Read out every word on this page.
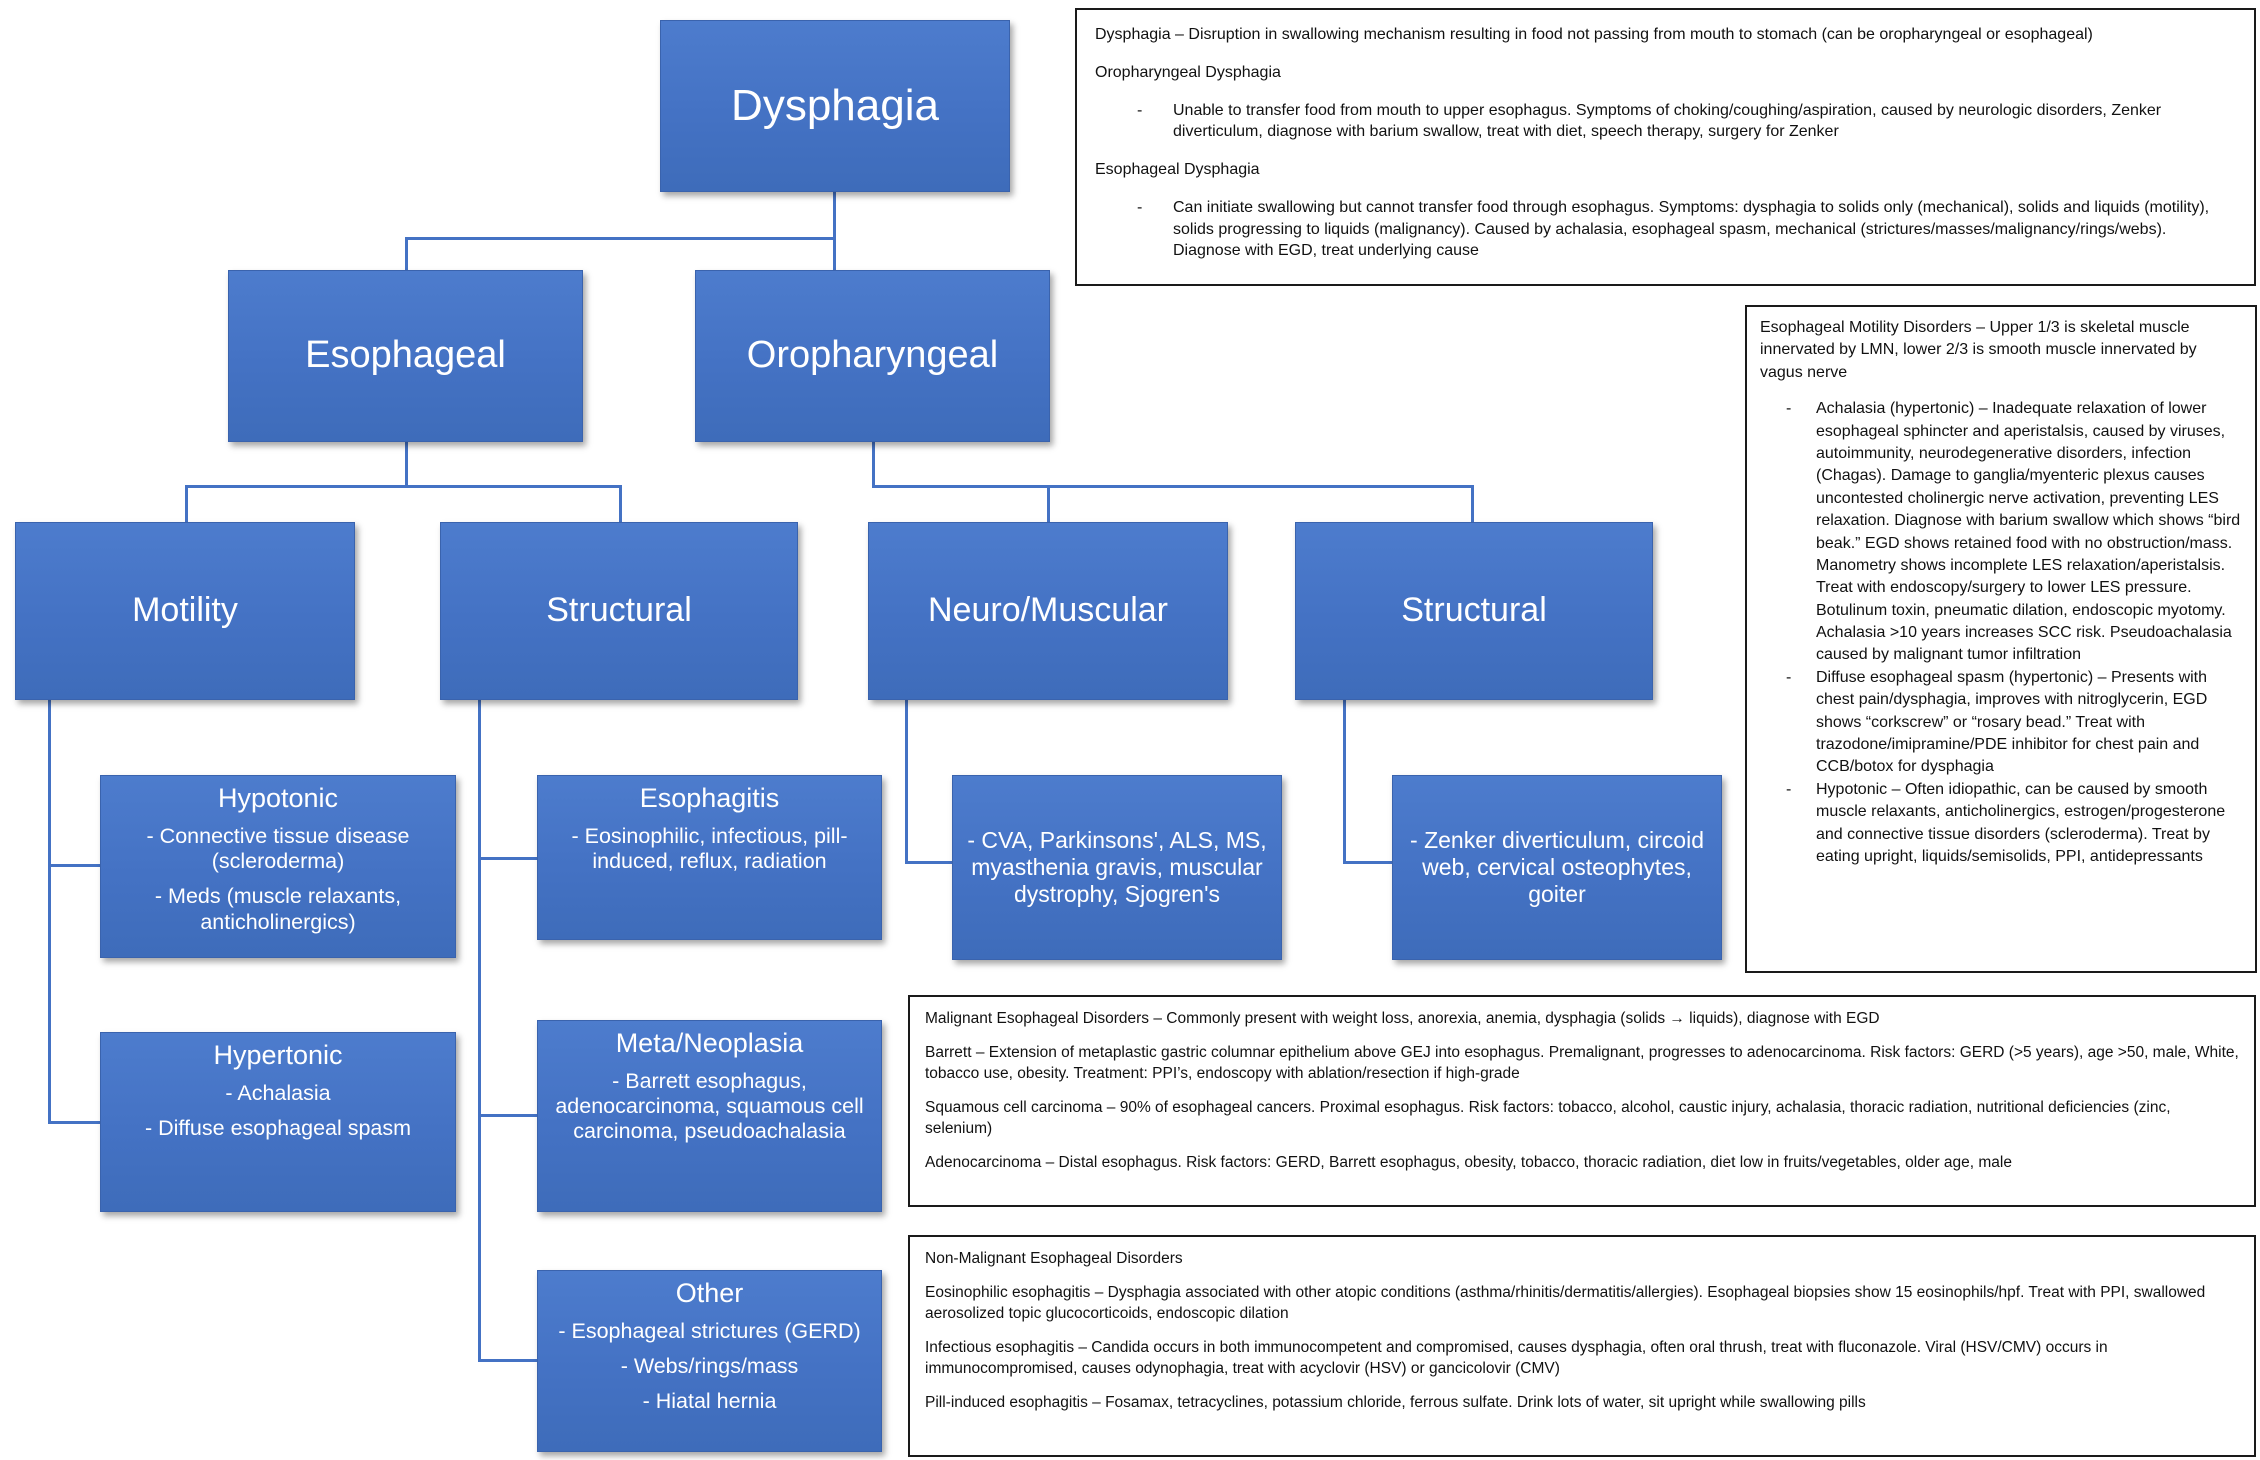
Dysphagia
Esophageal	Oropharyngeal
Motility	Structural	Neuro/Muscular	Structural
Hypotonic
- Connective tissue disease (scleroderma)
- Meds (muscle relaxants, anticholinergics)
Hypertonic
- Achalasia
- Diffuse esophageal spasm
Esophagitis
- Eosinophilic, infectious, pill-induced, reflux, radiation
Meta/Neoplasia
- Barrett esophagus, adenocarcinoma, squamous cell carcinoma, pseudoachalasia
Other
- Esophageal strictures (GERD)
- Webs/rings/mass
- Hiatal hernia
- CVA, Parkinsons', ALS, MS, myasthenia gravis, muscular dystrophy, Sjogren's
- Zenker diverticulum, circoid web, cervical osteophytes, goiter
Dysphagia – Disruption in swallowing mechanism resulting in food not passing from mouth to stomach (can be oropharyngeal or esophageal)
Oropharyngeal Dysphagia
- Unable to transfer food from mouth to upper esophagus. Symptoms of choking/coughing/aspiration, caused by neurologic disorders, Zenker diverticulum, diagnose with barium swallow, treat with diet, speech therapy, surgery for Zenker
Esophageal Dysphagia
- Can initiate swallowing but cannot transfer food through esophagus. Symptoms: dysphagia to solids only (mechanical), solids and liquids (motility), solids progressing to liquids (malignancy). Caused by achalasia, esophageal spasm, mechanical (strictures/masses/malignancy/rings/webs). Diagnose with EGD, treat underlying cause
Esophageal Motility Disorders – Upper 1/3 is skeletal muscle innervated by LMN, lower 2/3 is smooth muscle innervated by vagus nerve
- Achalasia (hypertonic) – Inadequate relaxation of lower esophageal sphincter and aperistalsis, caused by viruses, autoimmunity, neurodegenerative disorders, infection (Chagas). Damage to ganglia/myenteric plexus causes uncontested cholinergic nerve activation, preventing LES relaxation. Diagnose with barium swallow which shows “bird beak.” EGD shows retained food with no obstruction/mass. Manometry shows incomplete LES relaxation/aperistalsis. Treat with endoscopy/surgery to lower LES pressure. Botulinum toxin, pneumatic dilation, endoscopic myotomy. Achalasia >10 years increases SCC risk. Pseudoachalasia caused by malignant tumor infiltration
- Diffuse esophageal spasm (hypertonic) – Presents with chest pain/dysphagia, improves with nitroglycerin, EGD shows “corkscrew” or “rosary bead.” Treat with trazodone/imipramine/PDE inhibitor for chest pain and CCB/botox for dysphagia
- Hypotonic – Often idiopathic, can be caused by smooth muscle relaxants, anticholinergics, estrogen/progesterone and connective tissue disorders (scleroderma). Treat by eating upright, liquids/semisolids, PPI, antidepressants
Malignant Esophageal Disorders – Commonly present with weight loss, anorexia, anemia, dysphagia (solids → liquids), diagnose with EGD
Barrett – Extension of metaplastic gastric columnar epithelium above GEJ into esophagus. Premalignant, progresses to adenocarcinoma. Risk factors: GERD (>5 years), age >50, male, White, tobacco use, obesity. Treatment: PPI’s, endoscopy with ablation/resection if high-grade
Squamous cell carcinoma – 90% of esophageal cancers. Proximal esophagus. Risk factors: tobacco, alcohol, caustic injury, achalasia, thoracic radiation, nutritional deficiencies (zinc, selenium)
Adenocarcinoma – Distal esophagus. Risk factors: GERD, Barrett esophagus, obesity, tobacco, thoracic radiation, diet low in fruits/vegetables, older age, male
Non-Malignant Esophageal Disorders
Eosinophilic esophagitis – Dysphagia associated with other atopic conditions (asthma/rhinitis/dermatitis/allergies). Esophageal biopsies show 15 eosinophils/hpf. Treat with PPI, swallowed aerosolized topic glucocorticoids, endoscopic dilation
Infectious esophagitis – Candida occurs in both immunocompetent and compromised, causes dysphagia, often oral thrush, treat with fluconazole. Viral (HSV/CMV) occurs in immunocompromised, causes odynophagia, treat with acyclovir (HSV) or gancicolovir (CMV)
Pill-induced esophagitis – Fosamax, tetracyclines, potassium chloride, ferrous sulfate. Drink lots of water, sit upright while swallowing pills
